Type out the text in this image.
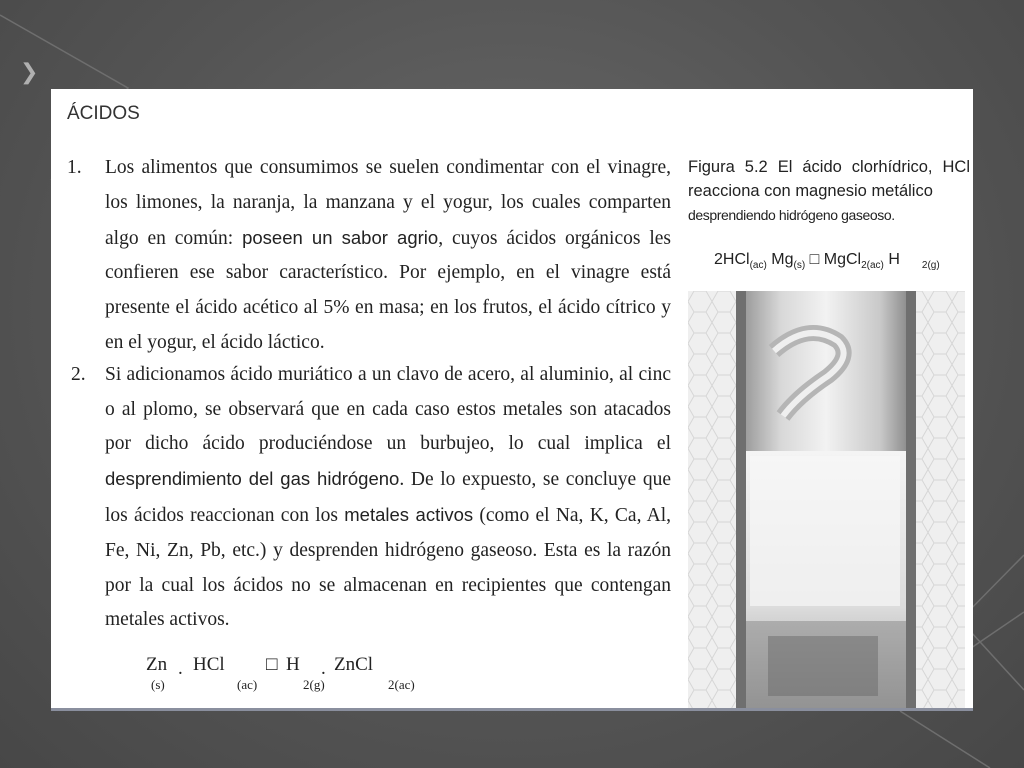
❯
ÁCIDOS
1. Los alimentos que consumimos se suelen condimentar con el vinagre, los limones, la naranja, la manzana y el yogur, los cuales comparten algo en común: poseen un sabor agrio, cuyos ácidos orgánicos les confieren ese sabor característico. Por ejemplo, en el vinagre está presente el ácido acético al 5% en masa; en los frutos, el ácido cítrico y en el yogur, el ácido láctico.

2. Si adicionamos ácido muriático a un clavo de acero, al aluminio, al cinc o al plomo, se observará que en cada caso estos metales son atacados por dicho ácido produciéndose un burbujeo, lo cual implica el desprendimiento del gas hidrógeno. De lo expuesto, se concluye que los ácidos reaccionan con los metales activos (como el Na, K, Ca, Al, Fe, Ni, Zn, Pb, etc.) y desprenden hidrógeno gaseoso. Esta es la razón por la cual los ácidos no se almacenan en recipientes que contengan metales activos.

Figura 5.2 El ácido clorhídrico, HCl reacciona con magnesio metálico

desprendiendo hidrógeno gaseoso.
2HCl$_{(ac)}$ $Mg_{(s)}$ □ MgCl$_{2(ac)}$ H $_{2(g)}$
Zn
(s)
. HCl
(ac)
□ H
2(g)
. ZnCl
2(ac)
